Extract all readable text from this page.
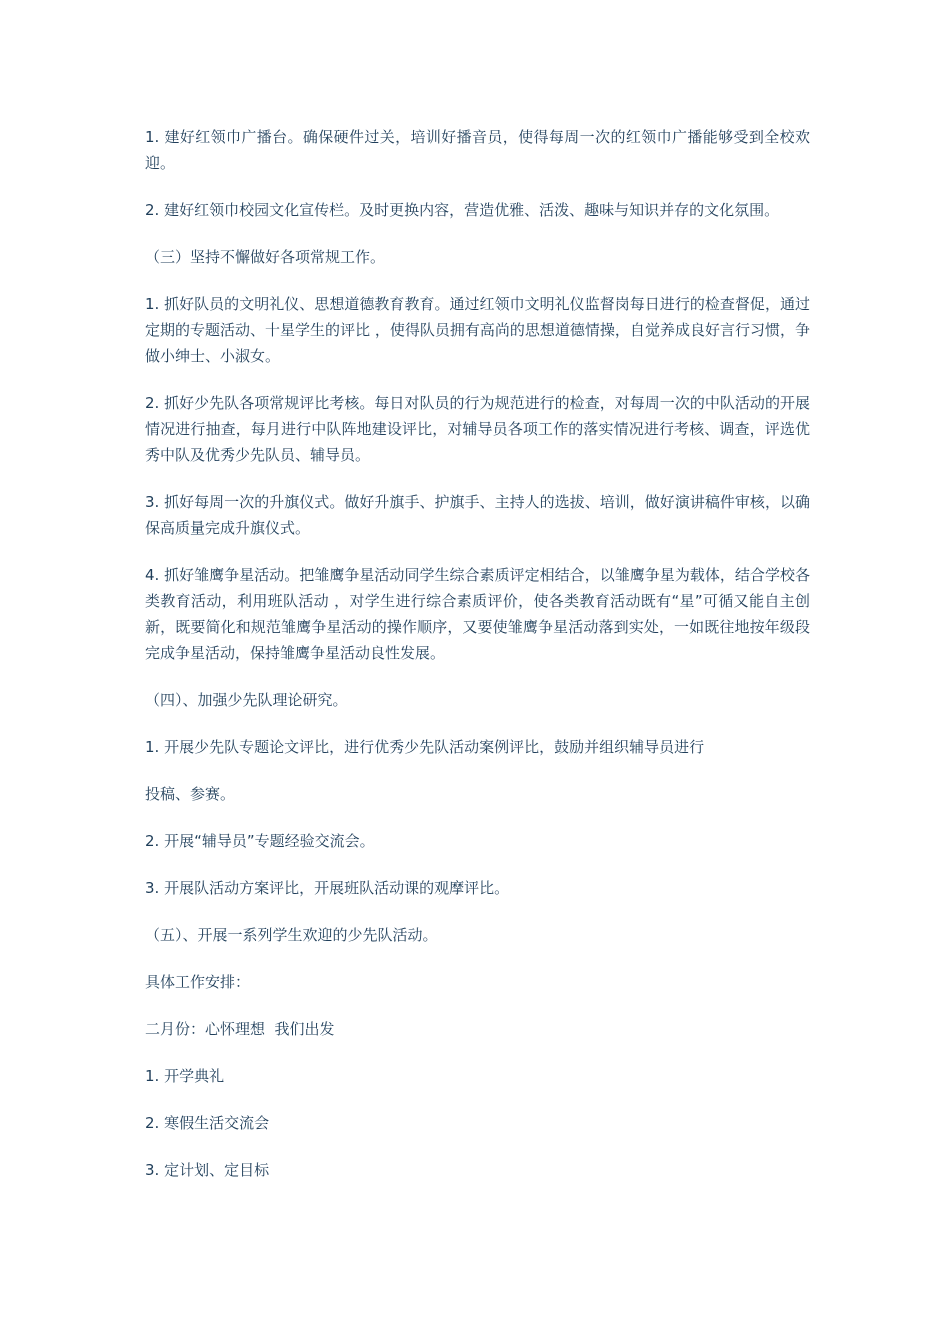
1. 建好红领巾广播台。确保硬件过关，培训好播音员，使得每周一次的红领巾广播能够受到全校欢迎。

2. 建好红领巾校园文化宣传栏。及时更换内容，营造优雅、活泼、趣味与知识并存的文化氛围。

（三）坚持不懈做好各项常规工作。

1. 抓好队员的文明礼仪、思想道德教育教育。通过红领巾文明礼仪监督岗每日进行的检查督促，通过定期的专题活动、十星学生的评比 ，使得队员拥有高尚的思想道德情操，自觉养成良好言行习惯，争做小绅士、小淑女。

2. 抓好少先队各项常规评比考核。每日对队员的行为规范进行的检查，对每周一次的中队活动的开展情况进行抽查，每月进行中队阵地建设评比，对辅导员各项工作的落实情况进行考核、调查，评选优秀中队及优秀少先队员、辅导员。

3. 抓好每周一次的升旗仪式。做好升旗手、护旗手、主持人的选拔、培训，做好演讲稿件审核，以确保高质量完成升旗仪式。

4. 抓好雏鹰争星活动。把雏鹰争星活动同学生综合素质评定相结合，以雏鹰争星为载体，结合学校各类教育活动，利用班队活动 ，对学生进行综合素质评价，使各类教育活动既有“星”可循又能自主创新，既要简化和规范雏鹰争星活动的操作顺序，又要使雏鹰争星活动落到实处，一如既往地按年级段完成争星活动，保持雏鹰争星活动良性发展。

（四）、加强少先队理论研究。

1. 开展少先队专题论文评比，进行优秀少先队活动案例评比，鼓励并组织辅导员进行

投稿、参赛。

2. 开展“辅导员”专题经验交流会。

3. 开展队活动方案评比，开展班队活动课的观摩评比。

（五）、开展一系列学生欢迎的少先队活动。

具体工作安排：

二月份：心怀理想  我们出发

1. 开学典礼

2. 寒假生活交流会

3. 定计划、定目标
